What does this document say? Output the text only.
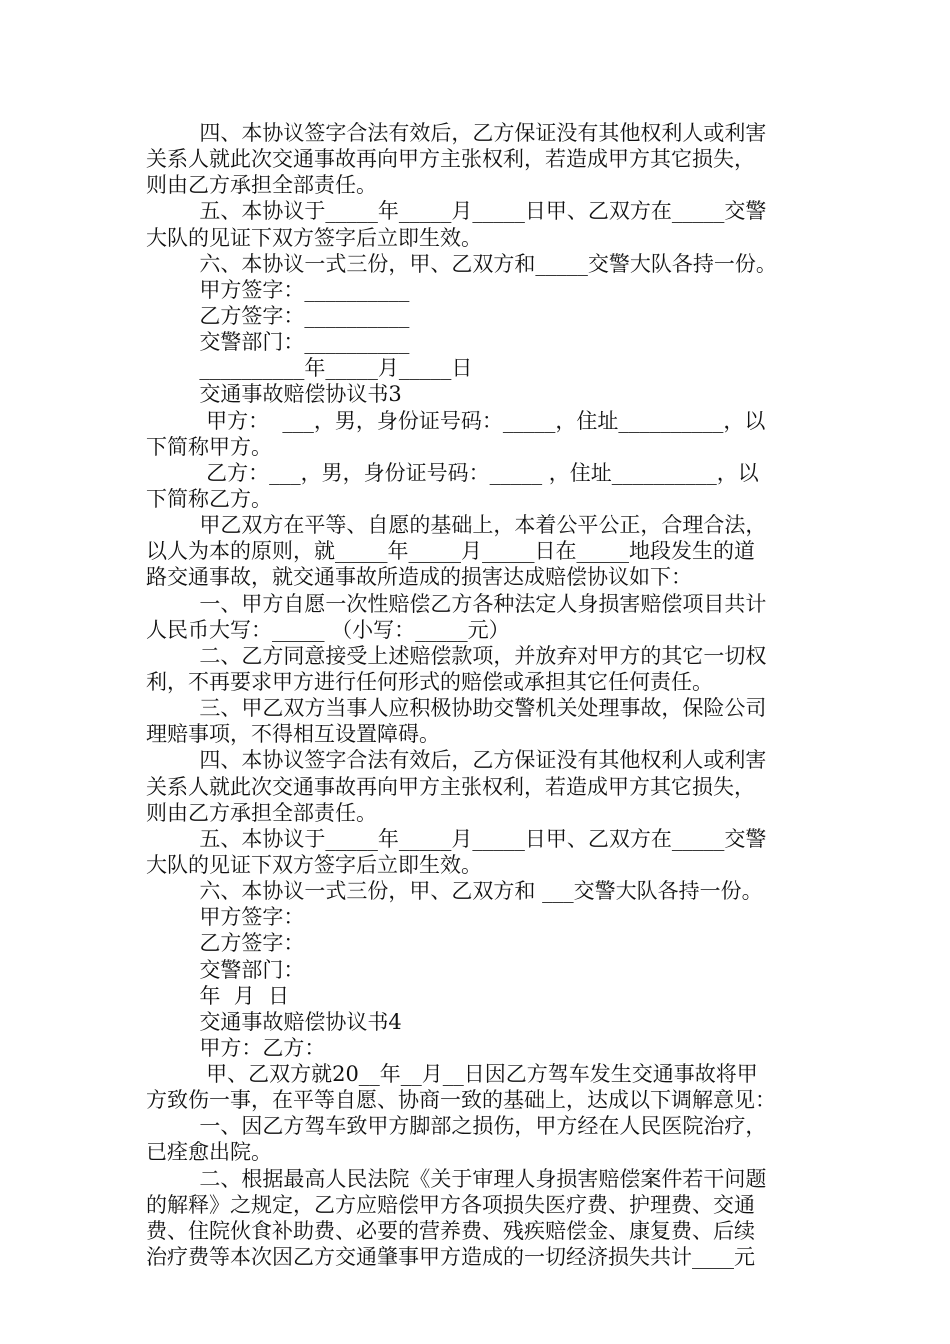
四、本协议签字合法有效后，乙方保证没有其他权利人或利害

关系人就此次交通事故再向甲方主张权利，若造成甲方其它损失，

则由乙方承担全部责任。

五、本协议于_____年_____月_____日甲、乙双方在_____交警

大队的见证下双方签字后立即生效。

六、本协议一式三份，甲、乙双方和_____交警大队各持一份。

甲方签字：__________

乙方签字：__________

交警部门：__________

__________年_____月_____日

交通事故赔偿协议书3

甲方：  ___，男，身份证号码：_____，住址__________，以

下简称甲方。

乙方：___，男，身份证号码：_____ ，住址__________，以

下简称乙方。

甲乙双方在平等、自愿的基础上，本着公平公正，合理合法，

以人为本的原则，就_____年_____月_____日在_____地段发生的道

路交通事故，就交通事故所造成的损害达成赔偿协议如下：

一、甲方自愿一次性赔偿乙方各种法定人身损害赔偿项目共计

人民币大写：_____ （小写：_____元）

二、乙方同意接受上述赔偿款项，并放弃对甲方的其它一切权

利，不再要求甲方进行任何形式的赔偿或承担其它任何责任。

三、甲乙双方当事人应积极协助交警机关处理事故，保险公司

理赔事项，不得相互设置障碍。

四、本协议签字合法有效后，乙方保证没有其他权利人或利害

关系人就此次交通事故再向甲方主张权利，若造成甲方其它损失，

则由乙方承担全部责任。

五、本协议于_____年_____月_____日甲、乙双方在_____交警

大队的见证下双方签字后立即生效。

六、本协议一式三份，甲、乙双方和 ___交警大队各持一份。

甲方签字：

乙方签字：

交警部门：

年  月  日

交通事故赔偿协议书4

甲方：乙方：

甲、乙双方就20__年__月__日因乙方驾车发生交通事故将甲

方致伤一事，在平等自愿、协商一致的基础上，达成以下调解意见：

一、因乙方驾车致甲方脚部之损伤，甲方经在人民医院治疗，

已痊愈出院。

二、根据最高人民法院《关于审理人身损害赔偿案件若干问题

的解释》之规定，乙方应赔偿甲方各项损失医疗费、护理费、交通

费、住院伙食补助费、必要的营养费、残疾赔偿金、康复费、后续

治疗费等本次因乙方交通肇事甲方造成的一切经济损失共计____元
